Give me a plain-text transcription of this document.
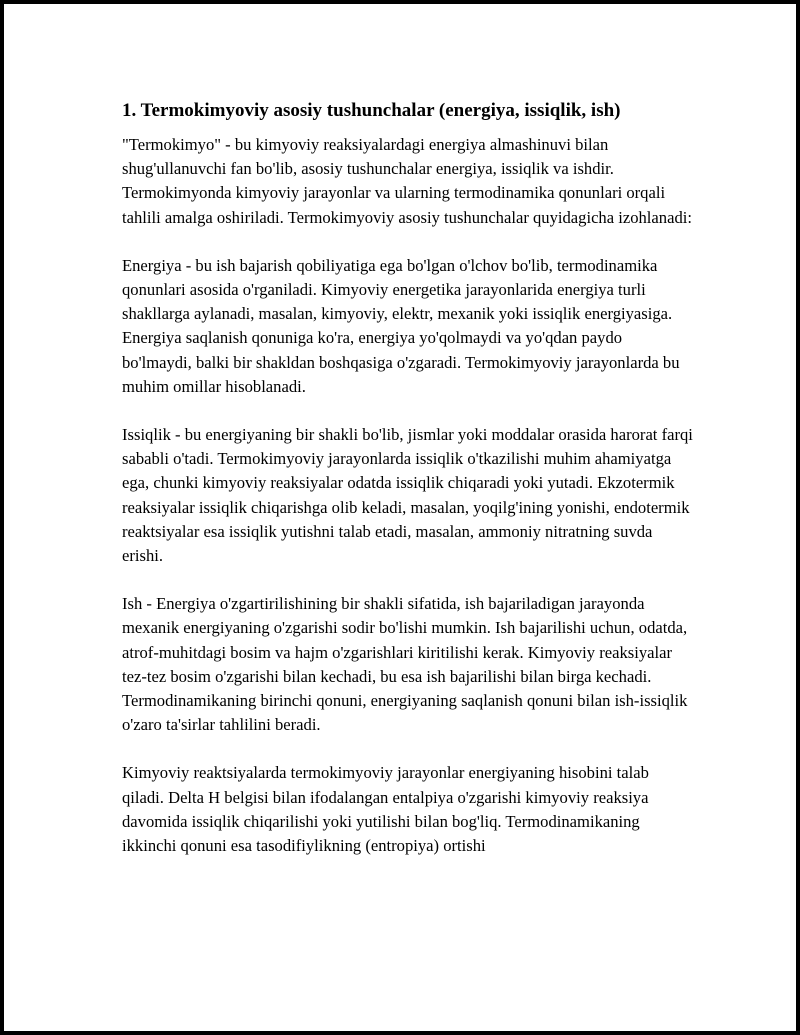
1. Termokimyoviy asosiy tushunchalar (energiya, issiqlik, ish)

"Termokimyo" - bu kimyoviy reaksiyalardagi energiya almashinuvi bilan shug'ullanuvchi fan bo'lib, asosiy tushunchalar energiya, issiqlik va ishdir. Termokimyonda kimyoviy jarayonlar va ularning termodinamika qonunlari orqali tahlili amalga oshiriladi. Termokimyoviy asosiy tushunchalar quyidagicha izohlanadi:

Energiya - bu ish bajarish qobiliyatiga ega bo'lgan o'lchov bo'lib, termodinamika qonunlari asosida o'rganiladi. Kimyoviy energetika jarayonlarida energiya turli shakllarga aylanadi, masalan, kimyoviy, elektr, mexanik yoki issiqlik energiyasiga. Energiya saqlanish qonuniga ko'ra, energiya yo'qolmaydi va yo'qdan paydo bo'lmaydi, balki bir shakldan boshqasiga o'zgaradi. Termokimyoviy jarayonlarda bu muhim omillar hisoblanadi.

Issiqlik - bu energiyaning bir shakli bo'lib, jismlar yoki moddalar orasida harorat farqi sababli o'tadi. Termokimyoviy jarayonlarda issiqlik o'tkazilishi muhim ahamiyatga ega, chunki kimyoviy reaksiyalar odatda issiqlik chiqaradi yoki yutadi. Ekzotermik reaksiyalar issiqlik chiqarishga olib keladi, masalan, yoqilg'ining yonishi, endotermik reaktsiyalar esa issiqlik yutishni talab etadi, masalan, ammoniy nitratning suvda erishi.

Ish - Energiya o'zgartirilishining bir shakli sifatida, ish bajariladigan jarayonda mexanik energiyaning o'zgarishi sodir bo'lishi mumkin. Ish bajarilishi uchun, odatda, atrof-muhitdagi bosim va hajm o'zgarishlari kiritilishi kerak. Kimyoviy reaksiyalar tez-tez bosim o'zgarishi bilan kechadi, bu esa ish bajarilishi bilan birga kechadi. Termodinamikaning birinchi qonuni, energiyaning saqlanish qonuni bilan ish-issiqlik o'zaro ta'sirlar tahlilini beradi.

Kimyoviy reaktsiyalarda termokimyoviy jarayonlar energiyaning hisobini talab qiladi. Delta H belgisi bilan ifodalangan entalpiya o'zgarishi kimyoviy reaksiya davomida issiqlik chiqarilishi yoki yutilishi bilan bog'liq. Termodinamikaning ikkinchi qonuni esa tasodifiylikning (entropiya) ortishi
